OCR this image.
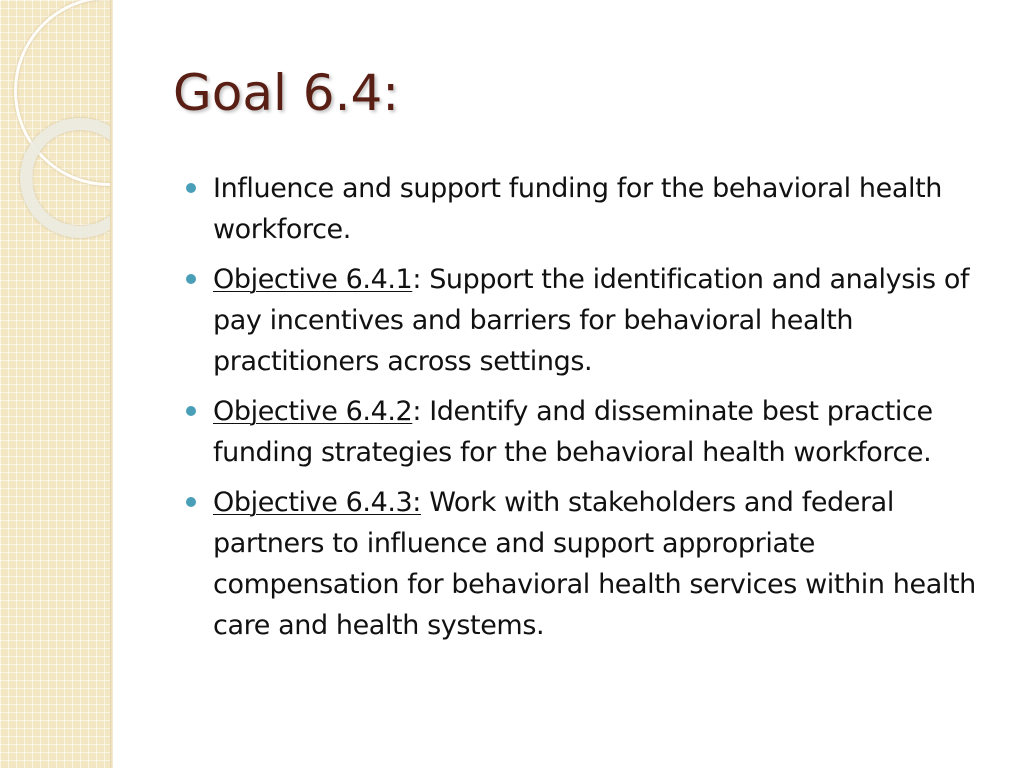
Goal 6.4:
Influence and support funding for the behavioral health workforce.
Objective 6.4.1: Support the identification and analysis of pay incentives and barriers for behavioral health practitioners across settings.
Objective 6.4.2: Identify and disseminate best practice funding strategies for the behavioral health workforce.
Objective 6.4.3: Work with stakeholders and federal partners to influence and support appropriate compensation for behavioral health services within health care and health systems.
